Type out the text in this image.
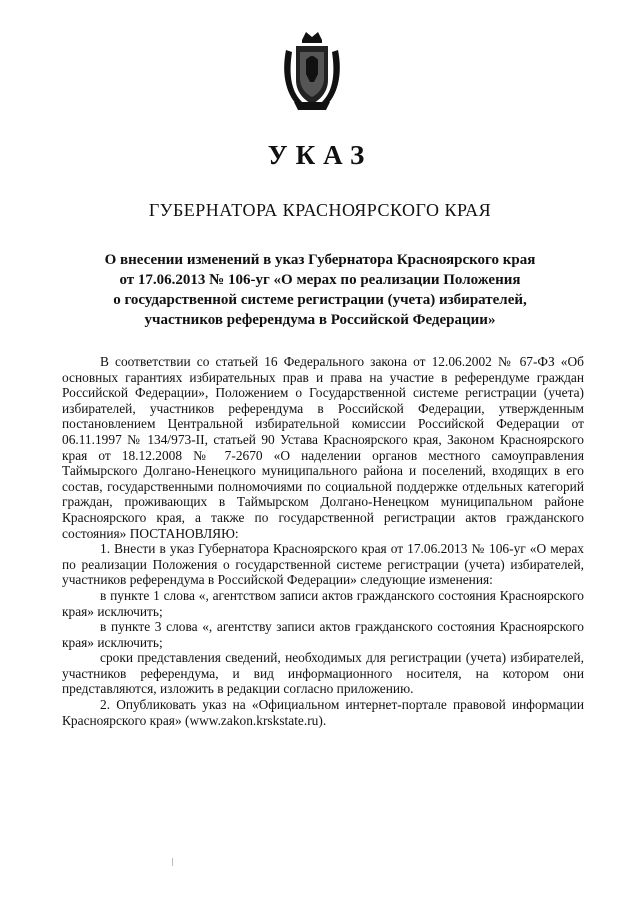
УКАЗ
ГУБЕРНАТОРА КРАСНОЯРСКОГО КРАЯ
О внесении изменений в указ Губернатора Красноярского края
от 17.06.2013 № 106-уг «О мерах по реализации Положения
о государственной системе регистрации (учета) избирателей,
участников референдума в Российской Федерации»

В соответствии со статьей 16 Федерального закона от 12.06.2002 № 67-ФЗ «Об основных гарантиях избирательных прав и права на участие в референдуме граждан Российской Федерации», Положением о Государственной системе регистрации (учета) избирателей, участников референдума в Российской Федерации, утвержденным постановлением Центральной избирательной комиссии Российской Федерации от 06.11.1997 № 134/973-II, статьей 90 Устава Красноярского края, Законом Красноярского края от 18.12.2008 № 7-2670 «О наделении органов местного самоуправления Таймырского Долгано-Ненецкого муниципального района и поселений, входящих в его состав, государственными полномочиями по социальной поддержке отдельных категорий граждан, проживающих в Таймырском Долгано-Ненецком муниципальном районе Красноярского края, а также по государственной регистрации актов гражданского состояния» ПОСТАНОВЛЯЮ:

1. Внести в указ Губернатора Красноярского края от 17.06.2013 № 106-уг «О мерах по реализации Положения о государственной системе регистрации (учета) избирателей, участников референдума в Российской Федерации» следующие изменения:

в пункте 1 слова «, агентством записи актов гражданского состояния Красноярского края» исключить;

в пункте 3 слова «, агентству записи актов гражданского состояния Красноярского края» исключить;

сроки представления сведений, необходимых для регистрации (учета) избирателей, участников референдума, и вид информационного носителя, на котором они представляются, изложить в редакции согласно приложению.

2. Опубликовать указ на «Официальном интернет-портале правовой информации Красноярского края» (www.zakon.krskstate.ru).
